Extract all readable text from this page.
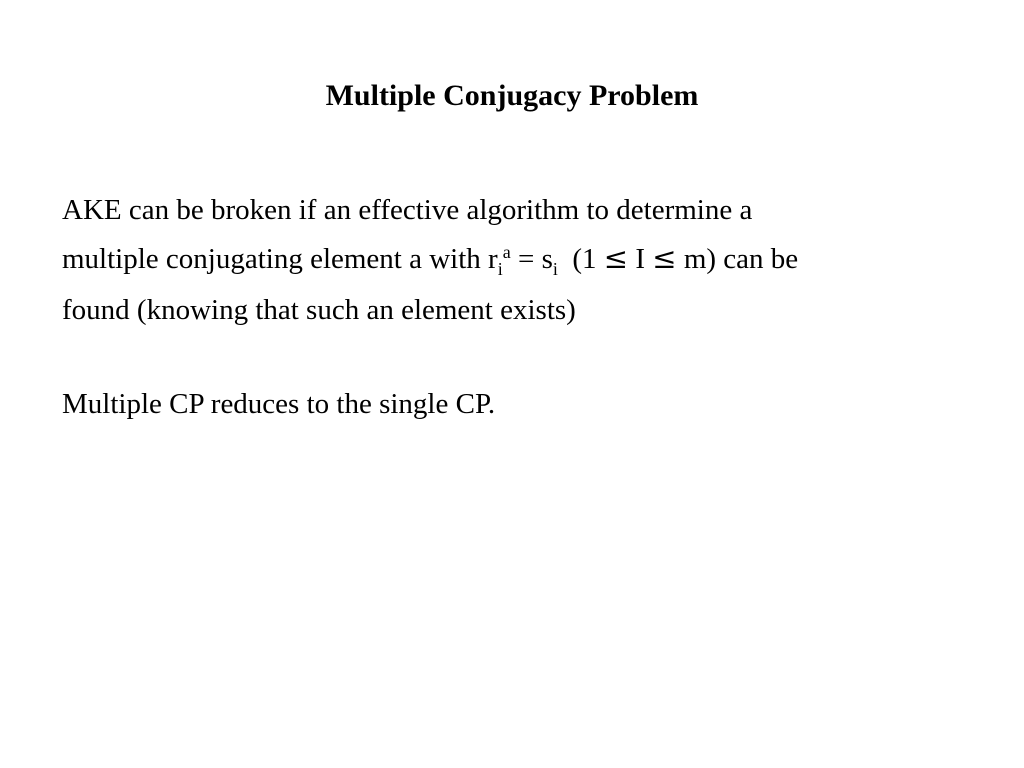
Multiple Conjugacy Problem
AKE can be broken if an effective algorithm to determine a
multiple conjugating element a with $r_i^a = s_i$  (1 ≤ I ≤ m) can be
found (knowing that such an element exists)
Multiple CP reduces to the single CP.
